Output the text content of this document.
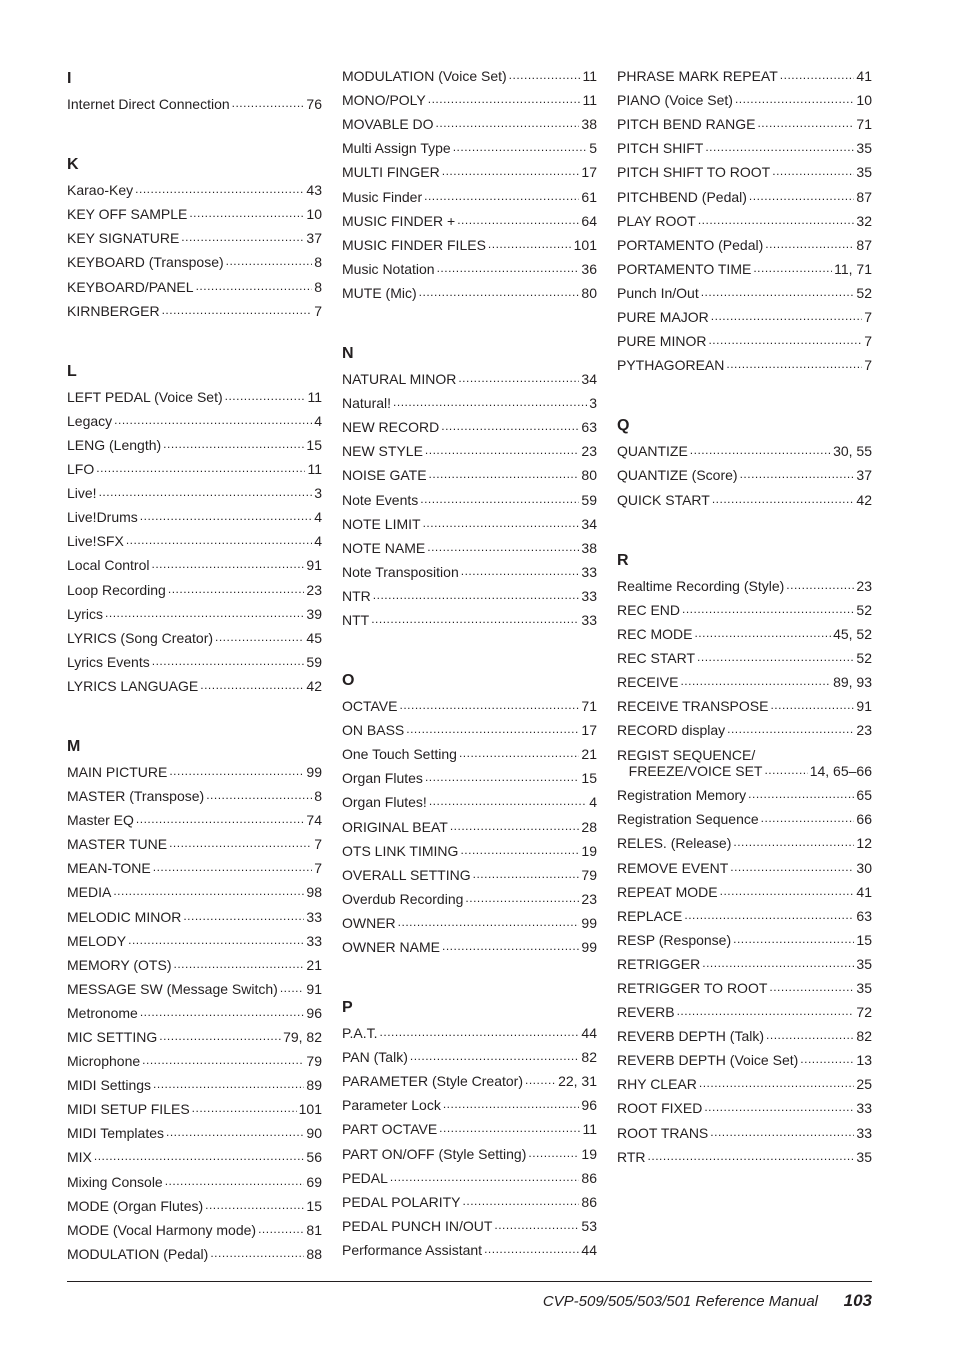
I
Internet Direct Connection .....	76
K
Karao-Key .....	43
KEY OFF SAMPLE .....	10
KEY SIGNATURE .....	37
KEYBOARD (Transpose) .....	8
KEYBOARD/PANEL .....	8
KIRNBERGER .....	7
L
LEFT PEDAL (Voice Set) .....	11
Legacy .....	4
LENG (Length) .....	15
LFO .....	11
Live! .....	3
Live!Drums .....	4
Live!SFX .....	4
Local Control .....	91
Loop Recording .....	23
Lyrics .....	39
LYRICS (Song Creator) .....	45
Lyrics Events .....	59
LYRICS LANGUAGE .....	42
M
MAIN PICTURE .....	99
MASTER (Transpose) .....	8
Master EQ .....	74
MASTER TUNE .....	7
MEAN-TONE .....	7
MEDIA .....	98
MELODIC MINOR .....	33
MELODY .....	33
MEMORY (OTS) .....	21
MESSAGE SW (Message Switch) ..... 91
Metronome .....	96
MIC SETTING .....	79, 82
Microphone .....	79
MIDI Settings .....	89
MIDI SETUP FILES .....	101
MIDI Templates .....	90
MIX .....	56
Mixing Console .....	69
MODE (Organ Flutes) .....	15
MODE (Vocal Harmony mode) .....	81
MODULATION (Pedal) .....	88
MODULATION (Voice Set) .....	11
MONO/POLY .....	11
MOVABLE DO .....	38
Multi Assign Type .....	5
MULTI FINGER .....	17
Music Finder .....	61
MUSIC FINDER + .....	64
MUSIC FINDER FILES .....	101
Music Notation .....	36
MUTE (Mic) .....	80
N
NATURAL MINOR .....	34
Natural! .....	3
NEW RECORD .....	63
NEW STYLE .....	23
NOISE GATE .....	80
Note Events .....	59
NOTE LIMIT .....	34
NOTE NAME .....	38
Note Transposition .....	33
NTR .....	33
NTT .....	33
O
OCTAVE .....	71
ON BASS .....	17
One Touch Setting .....	21
Organ Flutes .....	15
Organ Flutes! .....	4
ORIGINAL BEAT .....	28
OTS LINK TIMING .....	19
OVERALL SETTING .....	79
Overdub Recording .....	23
OWNER .....	99
OWNER NAME .....	99
P
P.A.T. .....	44
PAN (Talk) .....	82
PARAMETER (Style Creator) .....	22, 31
Parameter Lock .....	96
PART OCTAVE .....	11
PART ON/OFF (Style Setting) .....	19
PEDAL .....	86
PEDAL POLARITY .....	86
PEDAL PUNCH IN/OUT .....	53
Performance Assistant .....	44
PHRASE MARK REPEAT .....	41
PIANO (Voice Set) .....	10
PITCH BEND RANGE .....	71
PITCH SHIFT .....	35
PITCH SHIFT TO ROOT .....	35
PITCHBEND (Pedal) .....	87
PLAY ROOT .....	32
PORTAMENTO (Pedal) .....	87
PORTAMENTO TIME .....	11, 71
Punch In/Out .....	52
PURE MAJOR .....	7
PURE MINOR .....	7
PYTHAGOREAN .....	7
Q
QUANTIZE .....	30, 55
QUANTIZE (Score) .....	37
QUICK START .....	42
R
Realtime Recording (Style) .....	23
REC END .....	52
REC MODE .....	45, 52
REC START .....	52
RECEIVE .....	89, 93
RECEIVE TRANSPOSE .....	91
RECORD display .....	23
REGIST SEQUENCE/
FREEZE/VOICE SET .....	14, 65–66
Registration Memory .....	65
Registration Sequence .....	66
RELES. (Release) .....	12
REMOVE EVENT .....	30
REPEAT MODE .....	41
REPLACE .....	63
RESP (Response) .....	15
RETRIGGER .....	35
RETRIGGER TO ROOT .....	35
REVERB .....	72
REVERB DEPTH (Talk) .....	82
REVERB DEPTH (Voice Set) .....	13
RHY CLEAR .....	25
ROOT FIXED .....	33
ROOT TRANS .....	33
RTR .....	35
CVP-509/505/503/501 Reference Manual 103
